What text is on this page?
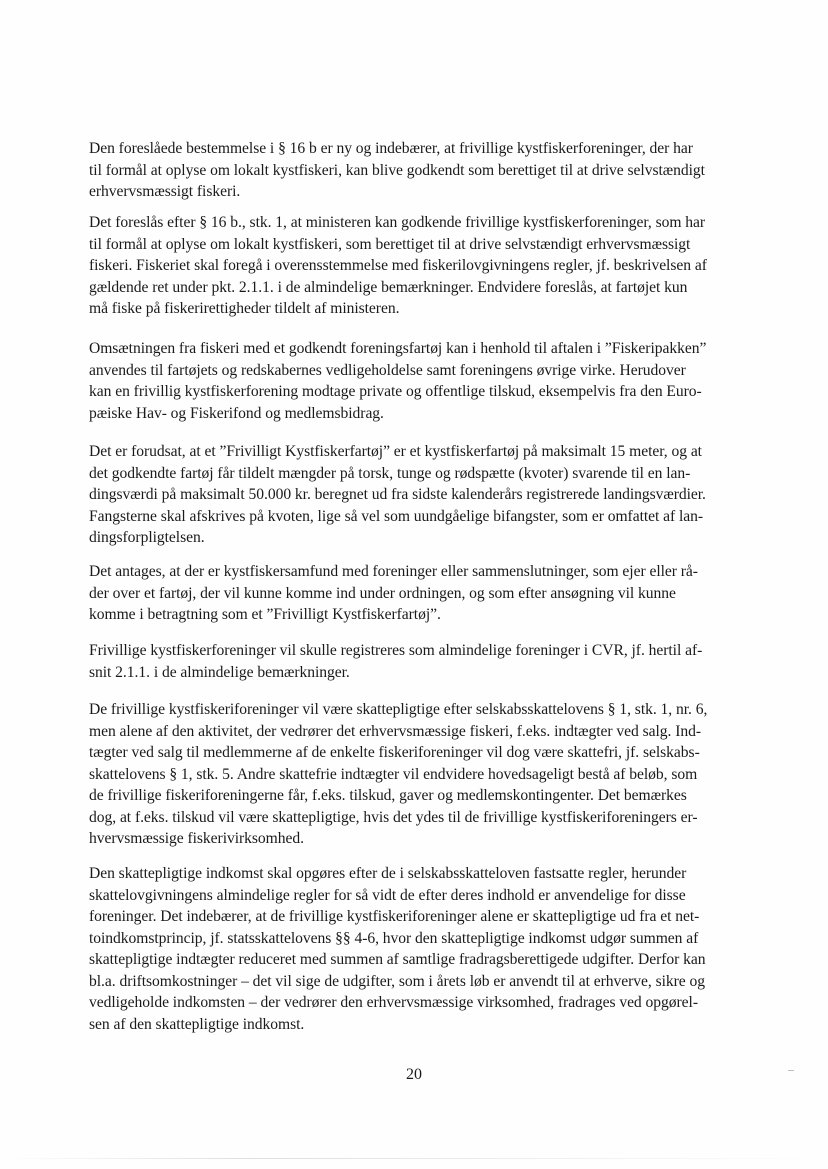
Den foreslåede bestemmelse i § 16 b er ny og indebærer, at frivillige kystfiskerforeninger, der har
til formål at oplyse om lokalt kystfiskeri, kan blive godkendt som berettiget til at drive selvstændigt
erhvervsmæssigt fiskeri.

Det foreslås efter § 16 b., stk. 1, at ministeren kan godkende frivillige kystfiskerforeninger, som har
til formål at oplyse om lokalt kystfiskeri, som berettiget til at drive selvstændigt erhvervsmæssigt
fiskeri. Fiskeriet skal foregå i overensstemmelse med fiskerilovgivningens regler, jf. beskrivelsen af
gældende ret under pkt. 2.1.1. i de almindelige bemærkninger. Endvidere foreslås, at fartøjet kun
må fiske på fiskerirettigheder tildelt af ministeren.

Omsætningen fra fiskeri med et godkendt foreningsfartøj kan i henhold til aftalen i ”Fiskeripakken”
anvendes til fartøjets og redskabernes vedligeholdelse samt foreningens øvrige virke. Herudover
kan en frivillig kystfiskerforening modtage private og offentlige tilskud, eksempelvis fra den Euro-
pæiske Hav- og Fiskerifond og medlemsbidrag.

Det er forudsat, at et ”Frivilligt Kystfiskerfartøj” er et kystfiskerfartøj på maksimalt 15 meter, og at
det godkendte fartøj får tildelt mængder på torsk, tunge og rødspætte (kvoter) svarende til en lan-
dingsværdi på maksimalt 50.000 kr. beregnet ud fra sidste kalenderårs registrerede landingsværdier.
Fangsterne skal afskrives på kvoten, lige så vel som uundgåelige bifangster, som er omfattet af lan-
dingsforpligtelsen.

Det antages, at der er kystfiskersamfund med foreninger eller sammenslutninger, som ejer eller rå-
der over et fartøj, der vil kunne komme ind under ordningen, og som efter ansøgning vil kunne
komme i betragtning som et ”Frivilligt Kystfiskerfartøj”.

Frivillige kystfiskerforeninger vil skulle registreres som almindelige foreninger i CVR, jf. hertil af-
snit 2.1.1. i de almindelige bemærkninger.

De frivillige kystfiskeriforeninger vil være skattepligtige efter selskabsskattelovens § 1, stk. 1, nr. 6,
men alene af den aktivitet, der vedrører det erhvervsmæssige fiskeri, f.eks. indtægter ved salg. Ind-
tægter ved salg til medlemmerne af de enkelte fiskeriforeninger vil dog være skattefri, jf. selskabs-
skattelovens § 1, stk. 5. Andre skattefrie indtægter vil endvidere hovedsageligt bestå af beløb, som
de frivillige fiskeriforeningerne får, f.eks. tilskud, gaver og medlemskontingenter. Det bemærkes
dog, at f.eks. tilskud vil være skattepligtige, hvis det ydes til de frivillige kystfiskeriforeningers er-
hvervsmæssige fiskerivirksomhed.

Den skattepligtige indkomst skal opgøres efter de i selskabsskatteloven fastsatte regler, herunder
skattelovgivningens almindelige regler for så vidt de efter deres indhold er anvendelige for disse
foreninger. Det indebærer, at de frivillige kystfiskeriforeninger alene er skattepligtige ud fra et net-
toindkomstprincip, jf. statsskattelovens §§ 4-6, hvor den skattepligtige indkomst udgør summen af
skattepligtige indtægter reduceret med summen af samtlige fradragsberettigede udgifter. Derfor kan
bl.a. driftsomkostninger – det vil sige de udgifter, som i årets løb er anvendt til at erhverve, sikre og
vedligeholde indkomsten – der vedrører den erhvervsmæssige virksomhed, fradrages ved opgørel-
sen af den skattepligtige indkomst.

20
